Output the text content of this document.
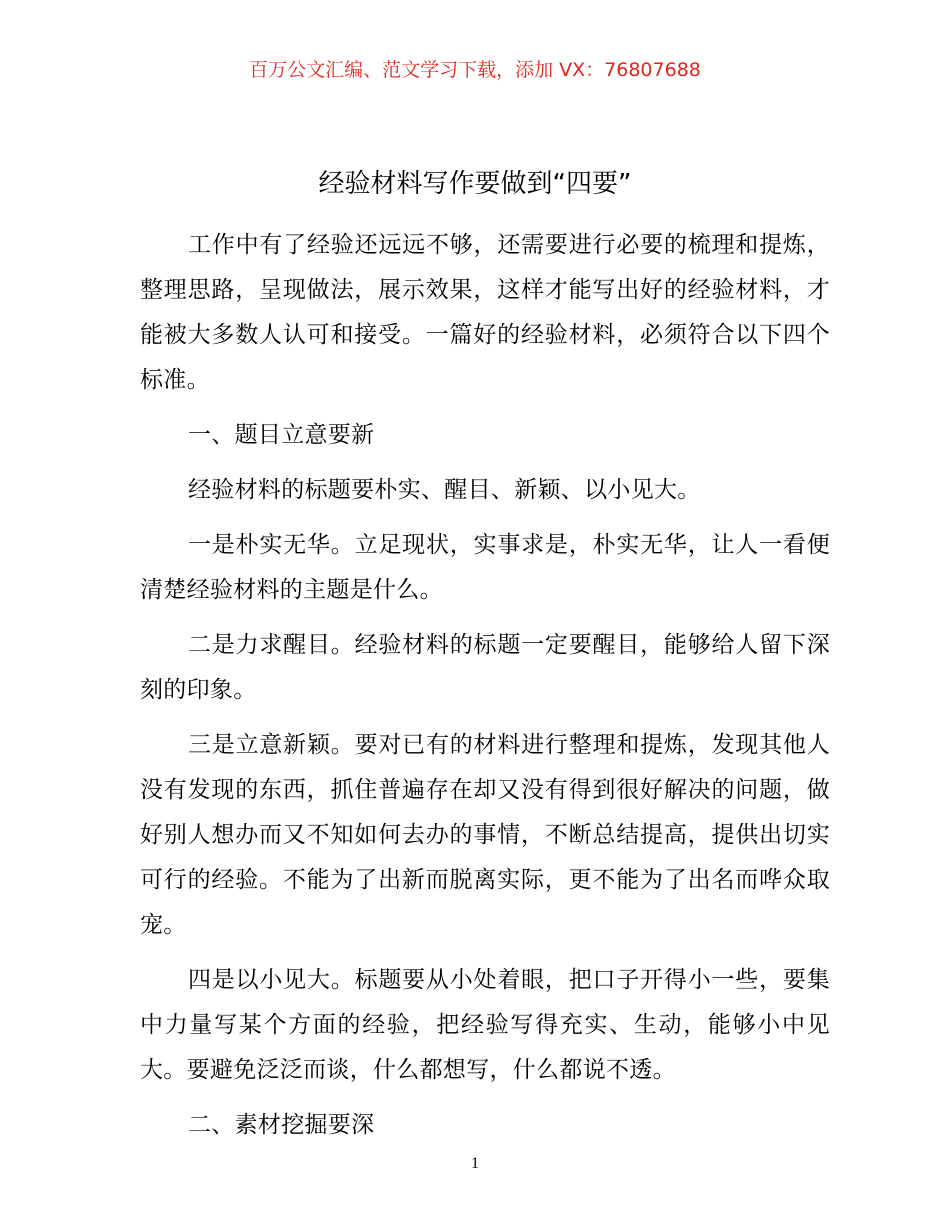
百万公文汇编、范文学习下载，添加 VX：76807688

经验材料写作要做到“四要”

工作中有了经验还远远不够，还需要进行必要的梳理和提炼，整理思路，呈现做法，展示效果，这样才能写出好的经验材料，才能被大多数人认可和接受。一篇好的经验材料，必须符合以下四个标准。

一、题目立意要新

经验材料的标题要朴实、醒目、新颖、以小见大。

一是朴实无华。立足现状，实事求是，朴实无华，让人一看便清楚经验材料的主题是什么。

二是力求醒目。经验材料的标题一定要醒目，能够给人留下深刻的印象。

三是立意新颖。要对已有的材料进行整理和提炼，发现其他人没有发现的东西，抓住普遍存在却又没有得到很好解决的问题，做好别人想办而又不知如何去办的事情，不断总结提高，提供出切实可行的经验。不能为了出新而脱离实际，更不能为了出名而哗众取宠。

四是以小见大。标题要从小处着眼，把口子开得小一些，要集中力量写某个方面的经验，把经验写得充实、生动，能够小中见大。要避免泛泛而谈，什么都想写，什么都说不透。

二、素材挖掘要深

1
